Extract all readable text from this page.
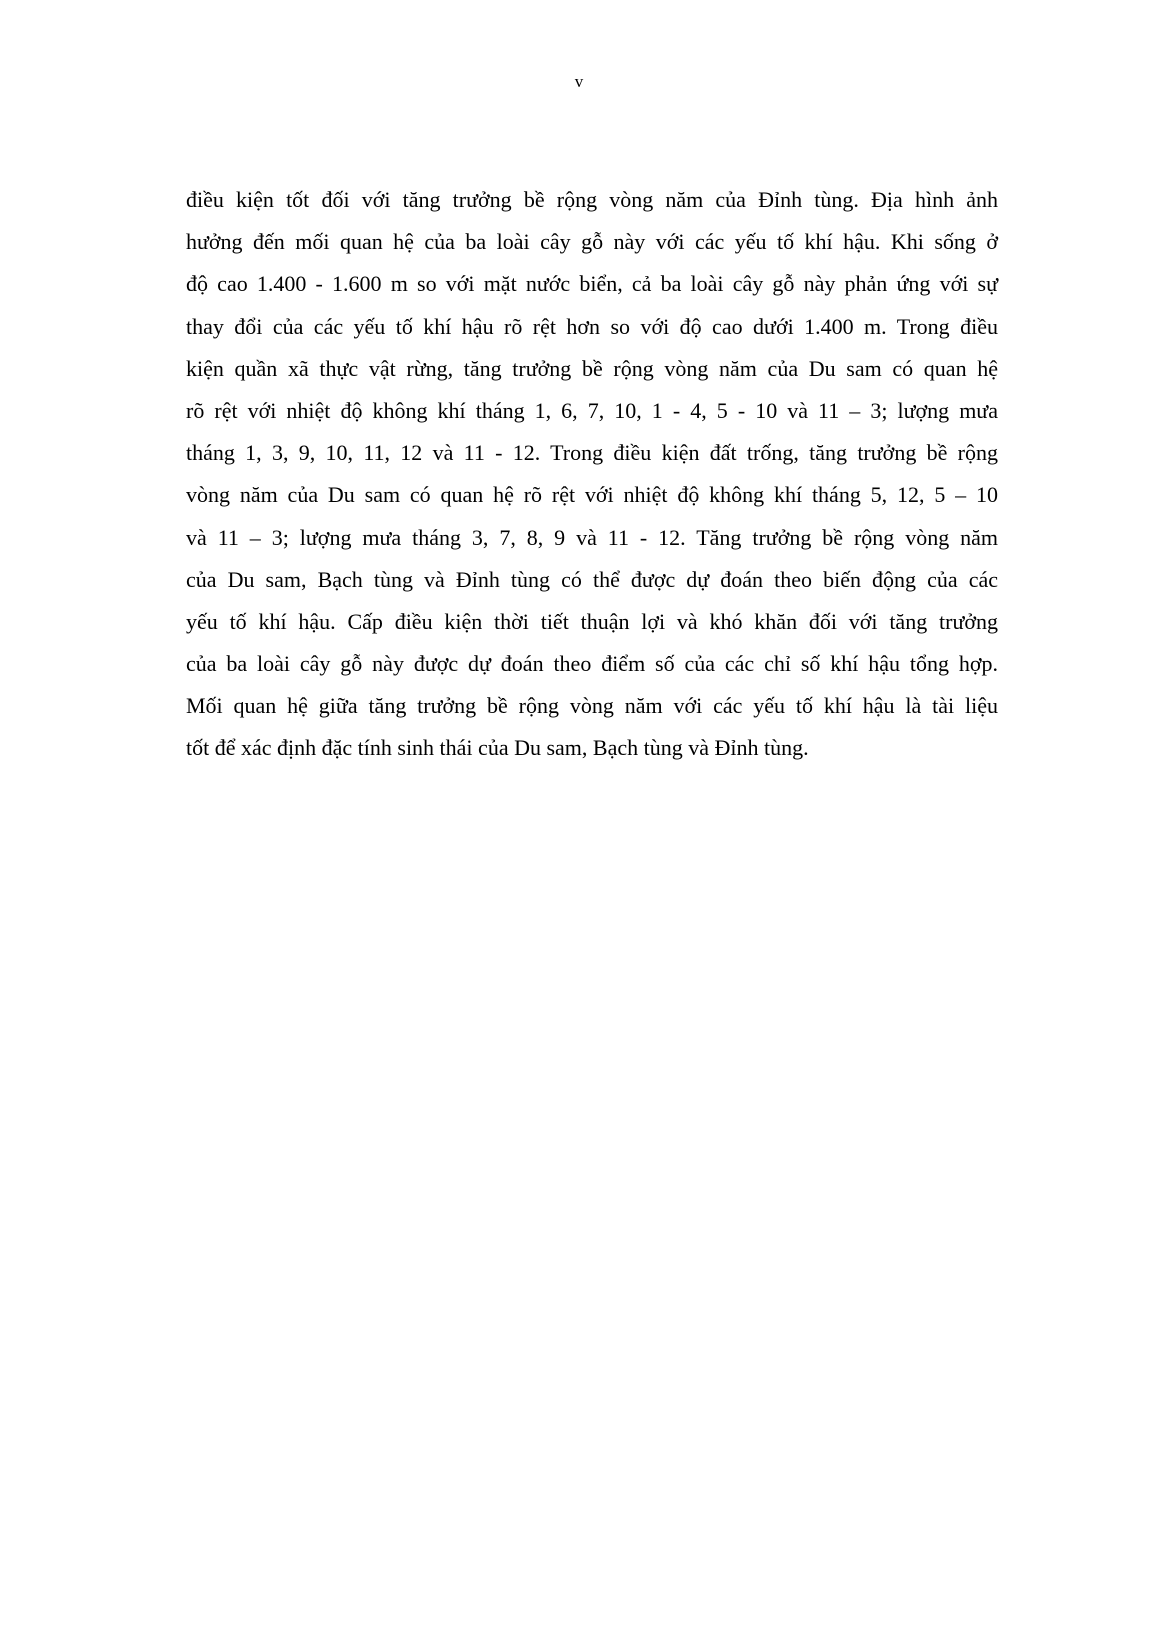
v
điều kiện tốt đối với tăng trưởng bề rộng vòng năm của Đỉnh tùng. Địa hình ảnh
hưởng đến mối quan hệ của ba loài cây gỗ này với các yếu tố khí hậu. Khi sống ở
độ cao 1.400 - 1.600 m so với mặt nước biển, cả ba loài cây gỗ này phản ứng với sự
thay đổi của các yếu tố khí hậu rõ rệt hơn so với độ cao dưới 1.400 m. Trong điều
kiện quần xã thực vật rừng, tăng trưởng bề rộng vòng năm của Du sam có quan hệ
rõ rệt với nhiệt độ không khí tháng 1, 6, 7, 10, 1 - 4, 5 - 10 và 11 – 3; lượng mưa
tháng 1, 3, 9, 10, 11, 12 và 11 - 12. Trong điều kiện đất trống, tăng trưởng bề rộng
vòng năm của Du sam có quan hệ rõ rệt với nhiệt độ không khí tháng 5, 12, 5 – 10
và 11 – 3; lượng mưa tháng 3, 7, 8, 9 và 11 - 12. Tăng trưởng bề rộng vòng năm
của Du sam, Bạch tùng và Đỉnh tùng có thể được dự đoán theo biến động của các
yếu tố khí hậu. Cấp điều kiện thời tiết thuận lợi và khó khăn đối với tăng trưởng
của ba loài cây gỗ này được dự đoán theo điểm số của các chỉ số khí hậu tổng hợp.
Mối quan hệ giữa tăng trưởng bề rộng vòng năm với các yếu tố khí hậu là tài liệu
tốt để xác định đặc tính sinh thái của Du sam, Bạch tùng và Đỉnh tùng.
